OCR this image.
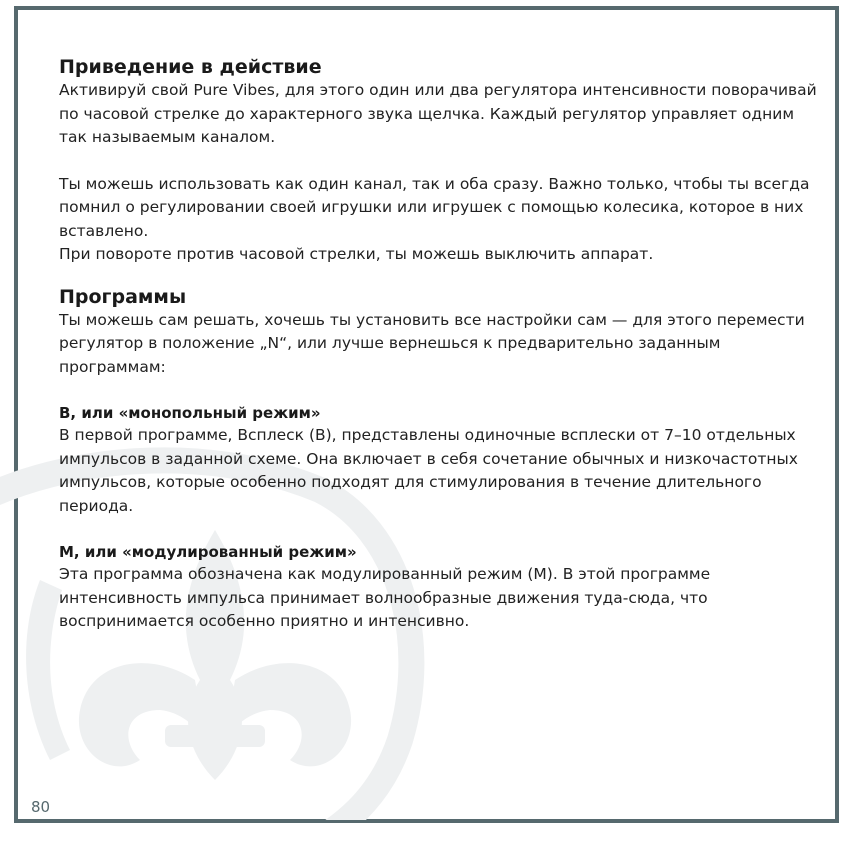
Приведение в действие

Активируй свой Pure Vibes, для этого один или два регулятора интенсивности поворачивай по часовой стрелке до характерного звука щелчка. Каждый регулятор управляет одним так называемым каналом.

Ты можешь использовать как один канал, так и оба сразу. Важно только, чтобы ты всегда помнил о регулировании своей игрушки или игрушек с помощью колесика, которое в них вставлено.

При повороте против часовой стрелки, ты можешь выключить аппарат.

Программы

Ты можешь сам решать, хочешь ты установить все настройки сам — для этого перемести регулятор в положение „N“, или лучше вернешься к предварительно заданным программам:

B, или «монопольный режим»

В первой программе, Всплеск (B), представлены одиночные всплески от 7–10 отдельных импульсов в заданной схеме. Она включает в себя сочетание обычных и низкочастотных импульсов, которые особенно подходят для стимулирования в течение длительного периода.

M, или «модулированный режим»

Эта программа обозначена как модулированный режим (M). В этой программе интенсивность импульса принимает волнообразные движения туда-сюда, что воспринимается особенно приятно и интенсивно.

80
